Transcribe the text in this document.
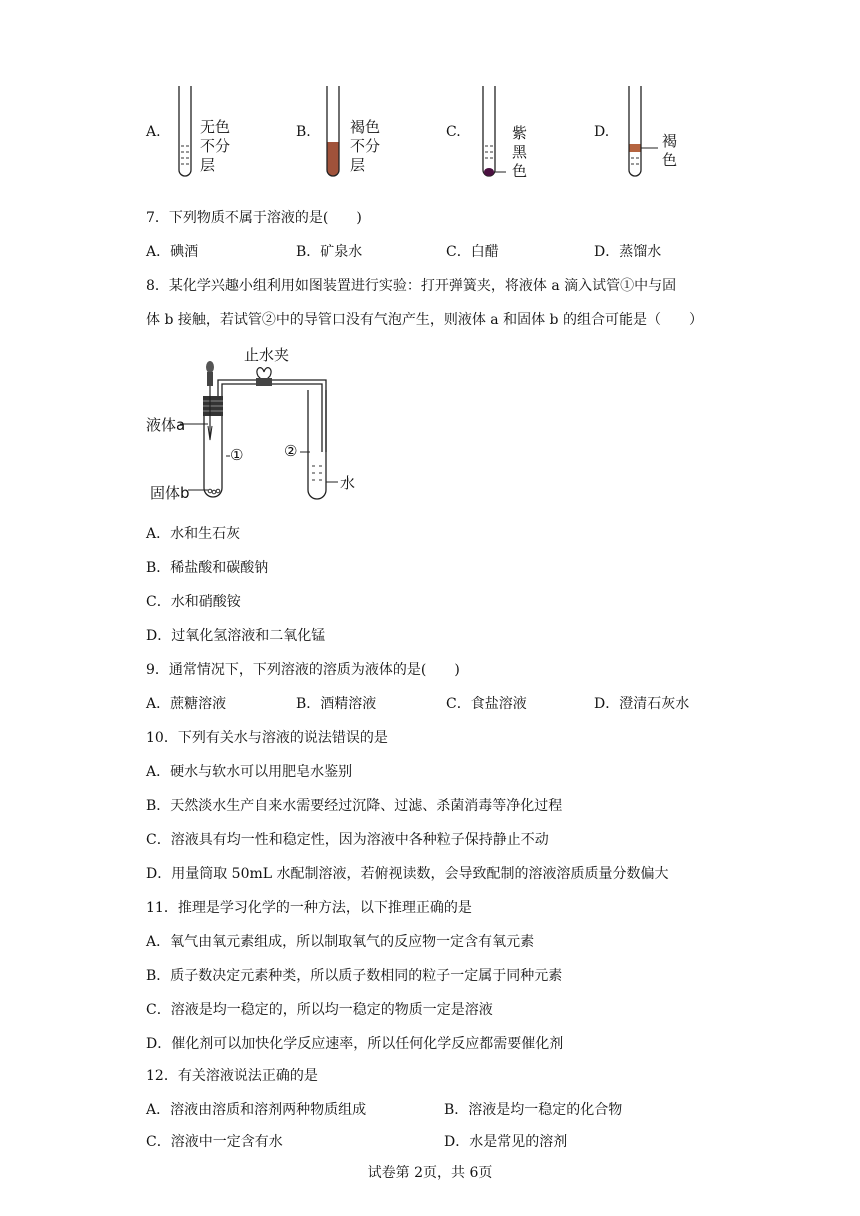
A.	无色
不分
层
B.	褐色
不分
层
C.	紫
黑
色
D.	褐
色
7．下列物质不属于溶液的是(　　)
A．碘酒	B．矿泉水	C．白醋	D．蒸馏水
8．某化学兴趣小组利用如图装置进行实验：打开弹簧夹，将液体 a 滴入试管①中与固
体 b 接触，若试管②中的导管口没有气泡产生，则液体 a 和固体 b 的组合可能是（　　）
止水夹
液体a
①	②
固体b
水
A．水和生石灰
B．稀盐酸和碳酸钠
C．水和硝酸铵
D．过氧化氢溶液和二氧化锰
9．通常情况下，下列溶液的溶质为液体的是(　　)
A．蔗糖溶液	B．酒精溶液	C．食盐溶液	D．澄清石灰水
10．下列有关水与溶液的说法错误的是
A．硬水与软水可以用肥皂水鉴别
B．天然淡水生产自来水需要经过沉降、过滤、杀菌消毒等净化过程
C．溶液具有均一性和稳定性，因为溶液中各种粒子保持静止不动
D．用量筒取 50mL 水配制溶液，若俯视读数，会导致配制的溶液溶质质量分数偏大
11．推理是学习化学的一种方法，以下推理正确的是
A．氧气由氧元素组成，所以制取氧气的反应物一定含有氧元素
B．质子数决定元素种类，所以质子数相同的粒子一定属于同种元素
C．溶液是均一稳定的，所以均一稳定的物质一定是溶液
D．催化剂可以加快化学反应速率，所以任何化学反应都需要催化剂
12．有关溶液说法正确的是
A．溶液由溶质和溶剂两种物质组成	B．溶液是均一稳定的化合物
C．溶液中一定含有水	D．水是常见的溶剂
试卷第 2页，共 6页
